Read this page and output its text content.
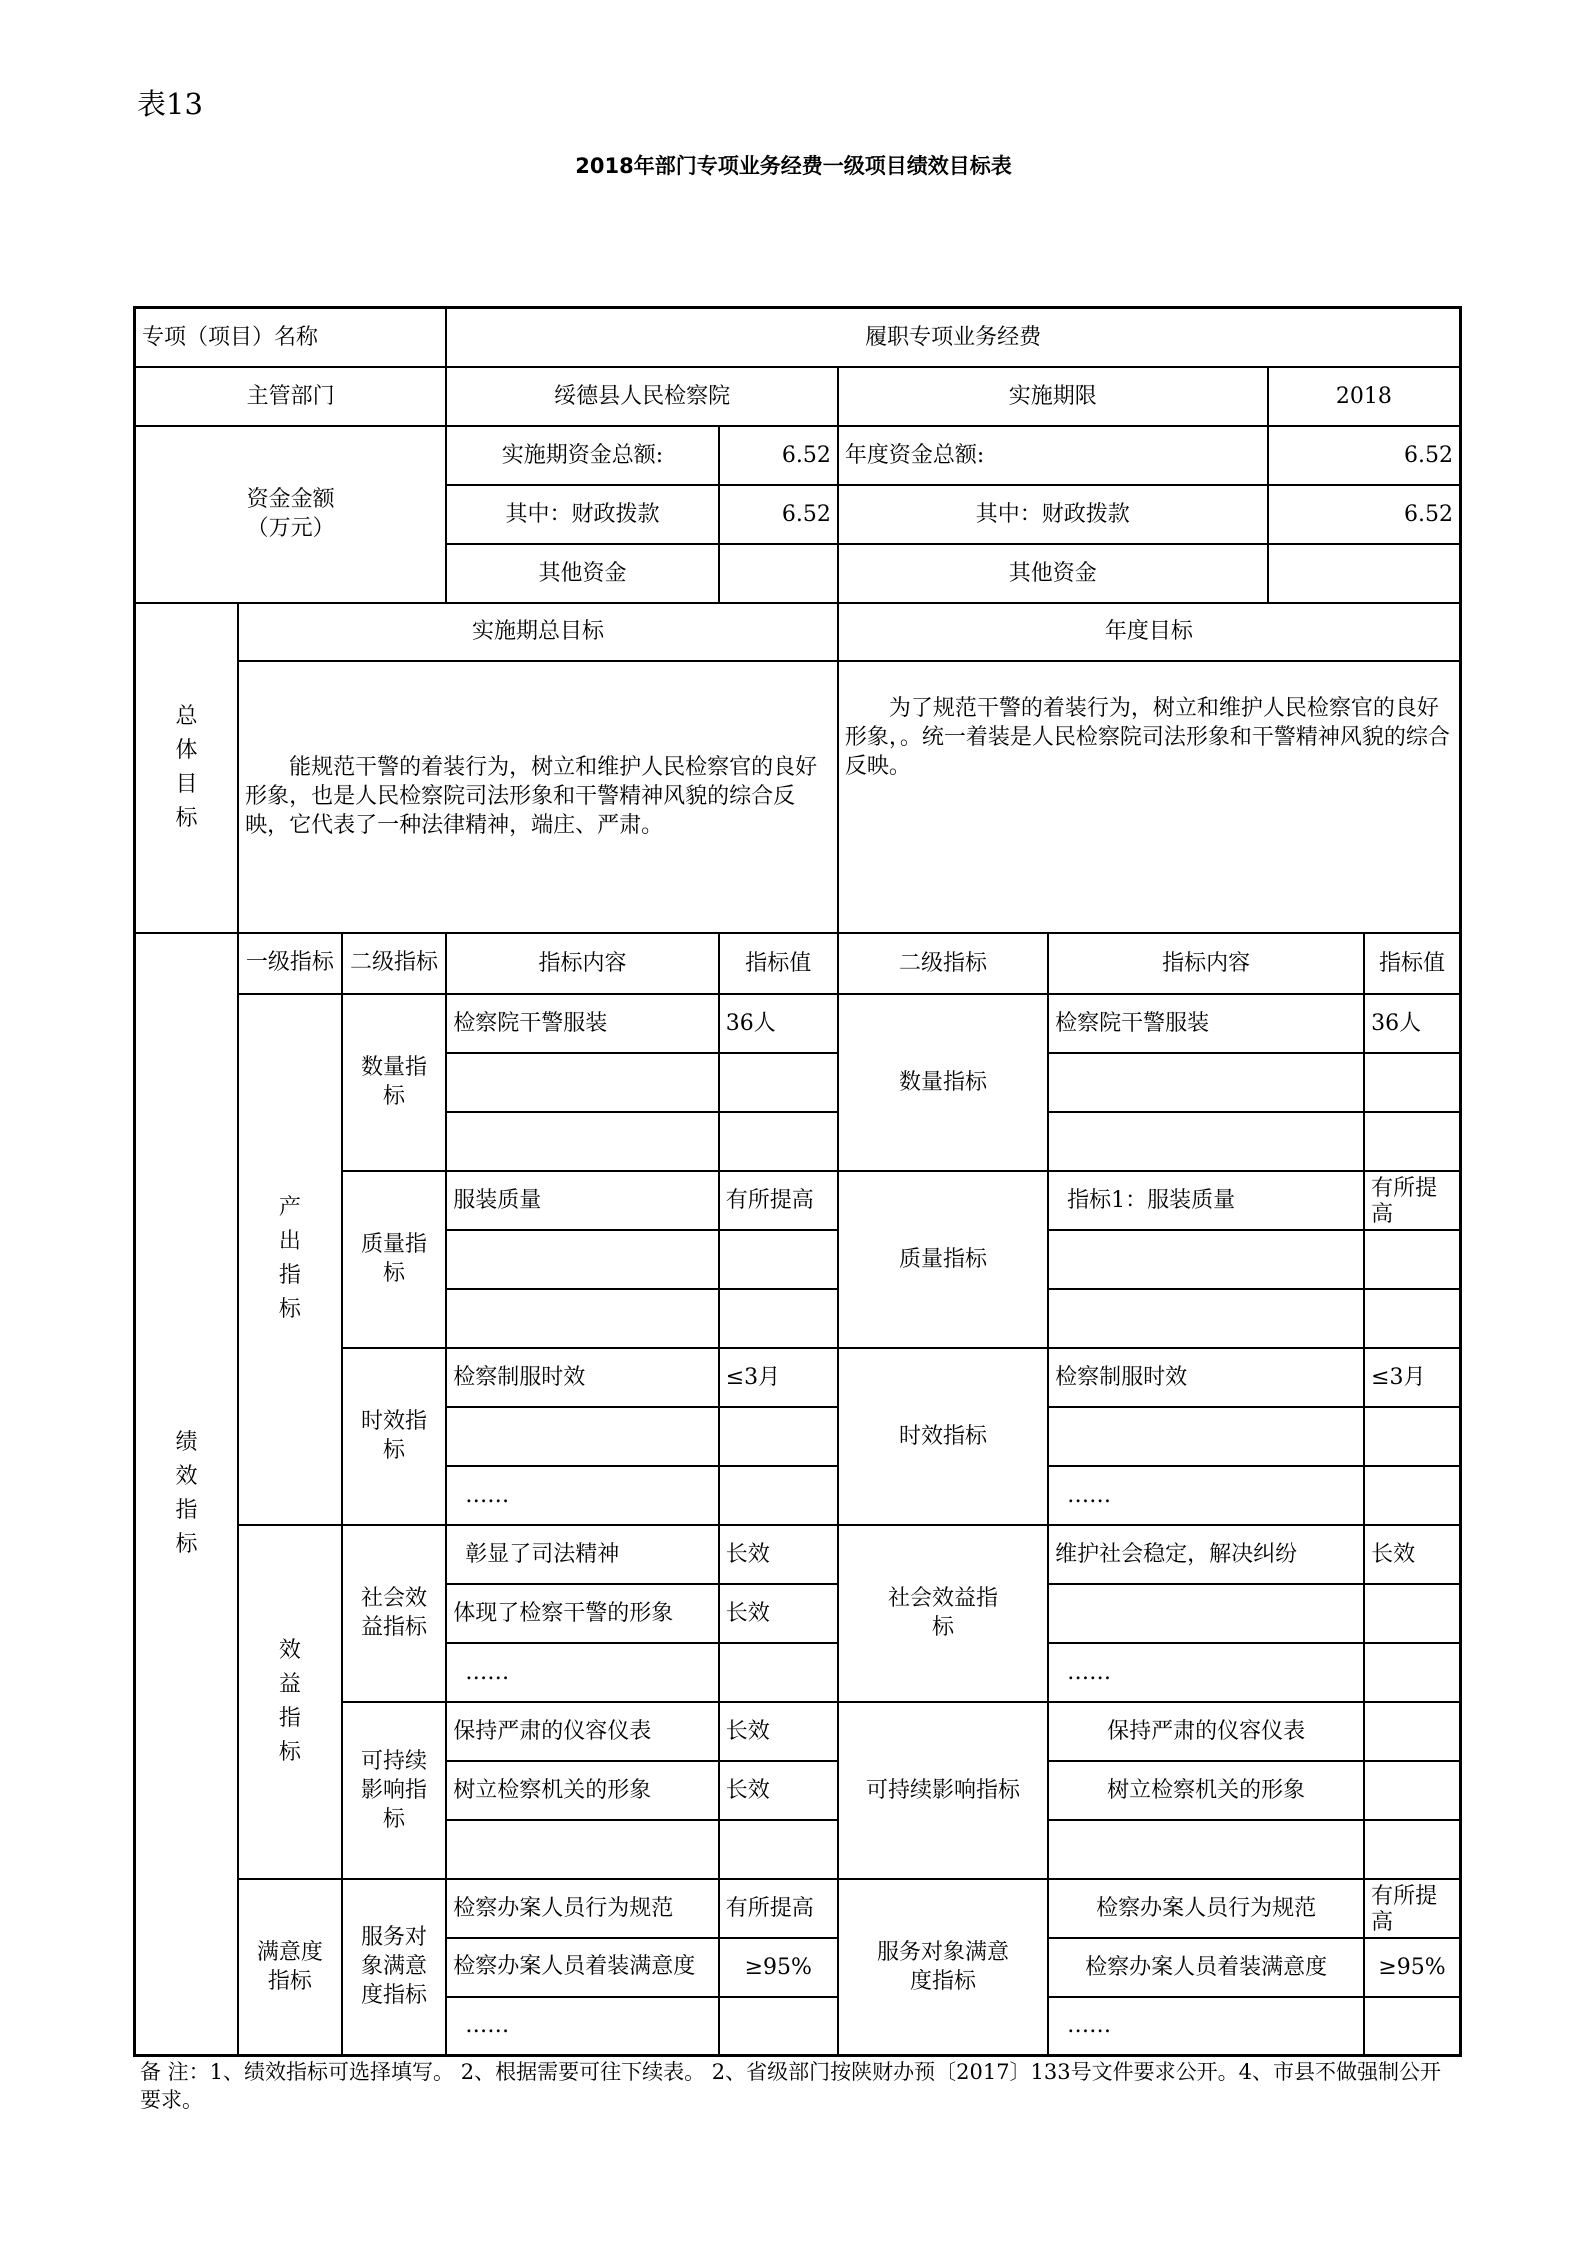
表13
2018年部门专项业务经费一级项目绩效目标表
专项（项目）名称			履职专项业务经费					
主管部门			绥德县人民检察院		实施期限		2018	

资金金额
（万元）			实施期资金总额:	6.52	年度资金总额:		6.52	
			其中：财政拨款	6.52	其中：财政拨款		6.52	
			其他资金		其他资金			

总体目标	实施期总目标				年度目标			
	能规范干警的着装行为，树立和维护人民检察官的良好形象，也是人民检察院司法形象和干警精神风貌的综合反映，它代表了一种法律精神，端庄、严肃。				为了规范干警的着装行为，树立和维护人民检察官的良好形象，。统一着装是人民检察院司法形象和干警精神风貌的综合反映。			

绩效指标	一级指标	二级指标	指标内容	指标值	二级指标	指标内容		指标值

	产出指标	数量指标	检察院干警服装	36人	数量指标	检察院干警服装		36人

		质量指标	服装质量	有所提高	质量指标	指标1：服装质量		有所提高

		时效指标	检察制服时效	≤3月	时效指标	检察制服时效		≤3月

			……			……		

	效益指标	社会效益指标	彰显了司法精神	长效	社会效益指标	维护社会稳定，解决纠纷		长效
			体现了检察干警的形象	长效				
			……			……		

		可持续影响指标	保持严肃的仪容仪表	长效	可持续影响指标	保持严肃的仪容仪表		
			树立检察机关的形象	长效		树立检察机关的形象		

	满意度指标	服务对象满意度指标	检察办案人员行为规范	有所提高	服务对象满意度指标	检察办案人员行为规范		有所提高
			检察办案人员着装满意度	≥95%		检察办案人员着装满意度		≥95%
			……			……		
备 注：1、绩效指标可选择填写。 2、根据需要可往下续表。 2、省级部门按陕财办预〔2017〕133号文件要求公开。4、市县不做强制公开要求。
